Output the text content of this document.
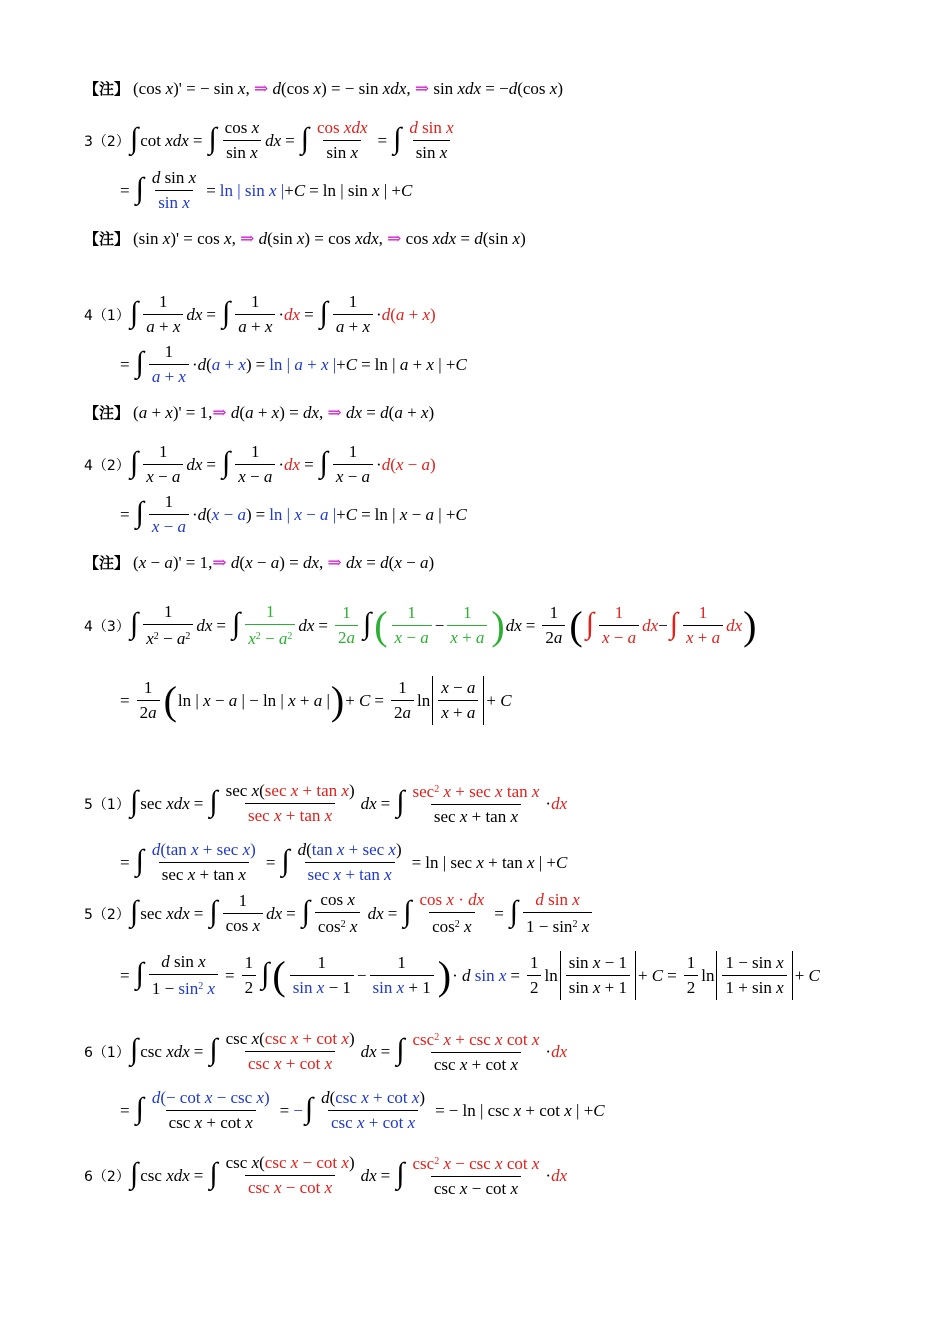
【注】 (cos x)' = − sin x, ⇒ d(cos x) = − sin xdx, ⇒ sin xdx = −d(cos x)
3（2） ∫ cot xdx = ∫ $\frac{\text{cos x}}{\text{sin x}}$ dx = ∫ $\frac{\text{cos xdx}}{\text{sin x}}$ = ∫ $\frac{\text{d sin x}}{\text{sin x}}$
= ∫ $\frac{\text{d sin x}}{\text{sin x}} = \ln$ | sin x | +C = ln | sin x | +C
【注】 (sin x)' = cos x, ⇒ d(sin x) = cos xdx, ⇒ cos xdx = d(sin x)
4（1） ∫ $\frac{1}{a + x}$ dx = ∫ $\frac{1}{a + x}$ · dx = ∫ $\frac{1}{a + x} \cdot d(a + x)$
= ∫ $\frac{1}{a + x} \cdot d(a + x) = \ln$ | a + x | +C = ln | a + x | +C
【注】 (a + x)' = 1, ⇒ d(a + x) = dx, ⇒ dx = d(a + x)
4（2） ∫ $\frac{1}{x - a}$ dx = ∫ $\frac{1}{x - a}$ · dx = ∫ $\frac{1}{x - a} \cdot d(x - a)$
= ∫ $\frac{1}{x - a} \cdot d(x - a) = \ln$ | x − a | +C = ln | x − a | +C
【注】 (x − a)' = 1, ⇒ d(x − a) = dx, ⇒ dx = d(x − a)
4（3） ∫ $\frac{1}{x^2 - a^2}$ dx = ∫ $\frac{1}{x^2 - a^2}$ dx = $\frac{1}{2a}$ ∫ ( $\frac{1}{x - a} - \frac{1}{x + a}$ ) dx = $\frac{1}{2a}$ ( ∫ $\frac{1}{x - a}$ dx − ∫ $\frac{1}{x + a}$ dx )
= $\frac{1}{2a}$ ( ln | x − a | − ln | x + a | ) + $C = \frac{1}{2a}$ $\ln \frac{x - a}{x + a} + C$
5（1） ∫ sec xdx = ∫ $\frac{\text{sec x(sec x + tan x)}}{\text{sec x + tan x}}$ dx = ∫ $\frac{\sec^2 x + \sec x \tan x}{\text{sec x + tan x}}$ · dx
= ∫ $\frac{\text{d(tan x + sec x)}}{\text{sec x + tan x}}$ = ∫ $\frac{\text{d(tan x + sec x)}}{\text{sec x + tan x}} = \ln$ | sec x + tan x | +C
5（2） ∫ sec xdx = ∫ $\frac{1}{\text{cos x}}$ dx = ∫ $\frac{\text{cos x}}{\cos^2 x}$ dx = ∫ $\frac{\text{cos x · dx}}{\cos^2 x}$ = ∫ $\frac{\text{d sin x}}{1 - \sin^2 x}$
= ∫ $\frac{\text{d sin x}}{1 - \sin^2 x} = \frac{1}{2}$ ∫ ( $\frac{1}{\text{sin x − 1}} - \frac{1}{\text{sin x + 1}}$ ) · d $\sin x = \frac{1}{2}$ $\ln \frac{\text{sin x − 1}}{\text{sin x + 1}} + C = \frac{1}{2}$ $\ln \frac{\text{1 − sin x}}{\text{1 + sin x}} + C$
6（1） ∫ csc xdx = ∫ $\frac{\text{csc x(csc x + cot x)}}{\text{csc x + cot x}}$ dx = ∫ $\frac{\csc^2 x + \csc x \cot x}{\text{csc x + cot x}}$ · dx
= ∫ $\frac{\text{d(− cot x − csc x)}}{\text{csc x + cot x}}$ = − ∫ $\frac{\text{d(csc x + cot x)}}{\text{csc x + cot x}}$ = − ln | csc x + cot x | +C
6（2） ∫ csc xdx = ∫ $\frac{\text{csc x(csc x − cot x)}}{\text{csc x − cot x}}$ dx = ∫ $\frac{\csc^2 x - \csc x \cot x}{\text{csc x − cot x}}$ · dx
